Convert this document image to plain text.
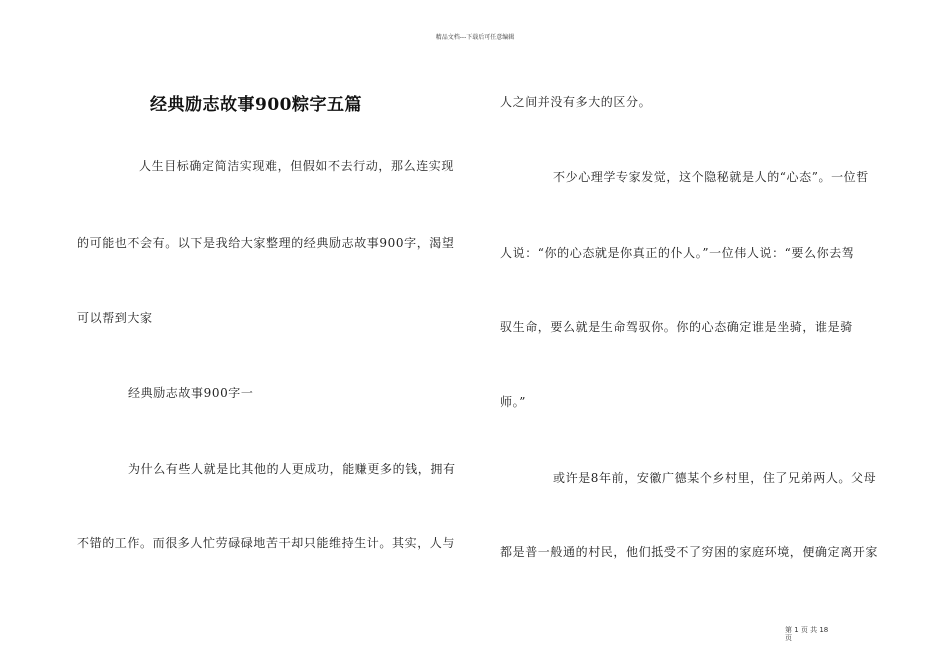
精品文档---下载后可任意编辑
经典励志故事900粽字五篇
人生目标确定简洁实现难，但假如不去行动，那么连实现
的可能也不会有。以下是我给大家整理的经典励志故事900字，渴望
可以帮到大家
经典励志故事900字一
为什么有些人就是比其他的人更成功，能赚更多的钱，拥有
不错的工作。而很多人忙劳碌碌地苦干却只能维持生计。其实，人与
人之间并没有多大的区分。
不少心理学专家发觉，这个隐秘就是人的“心态”。一位哲
人说：“你的心态就是你真正的仆人。”一位伟人说：“要么你去驾
驭生命，要么就是生命驾驭你。你的心态确定谁是坐骑，谁是骑
师。”
或许是8年前，安徽广德某个乡村里，住了兄弟两人。父母
都是普一般通的村民，他们抵受不了穷困的家庭环境，便确定离开家
第 1 页 共 18
页
